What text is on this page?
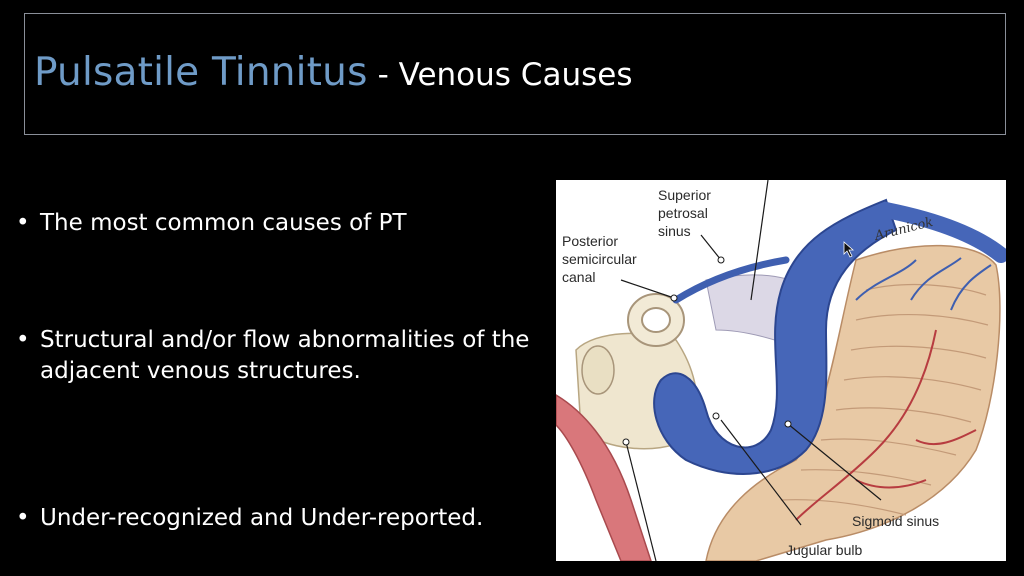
Pulsatile Tinnitus - Venous Causes
• The most common causes of PT
• Structural and/or flow abnormalities of the adjacent venous structures.
• Under-recognized and Under-reported.
Superior
petrosal
sinus
Posterior
semicircular
canal
Sigmoid sinus
Jugular bulb
Arunicok
